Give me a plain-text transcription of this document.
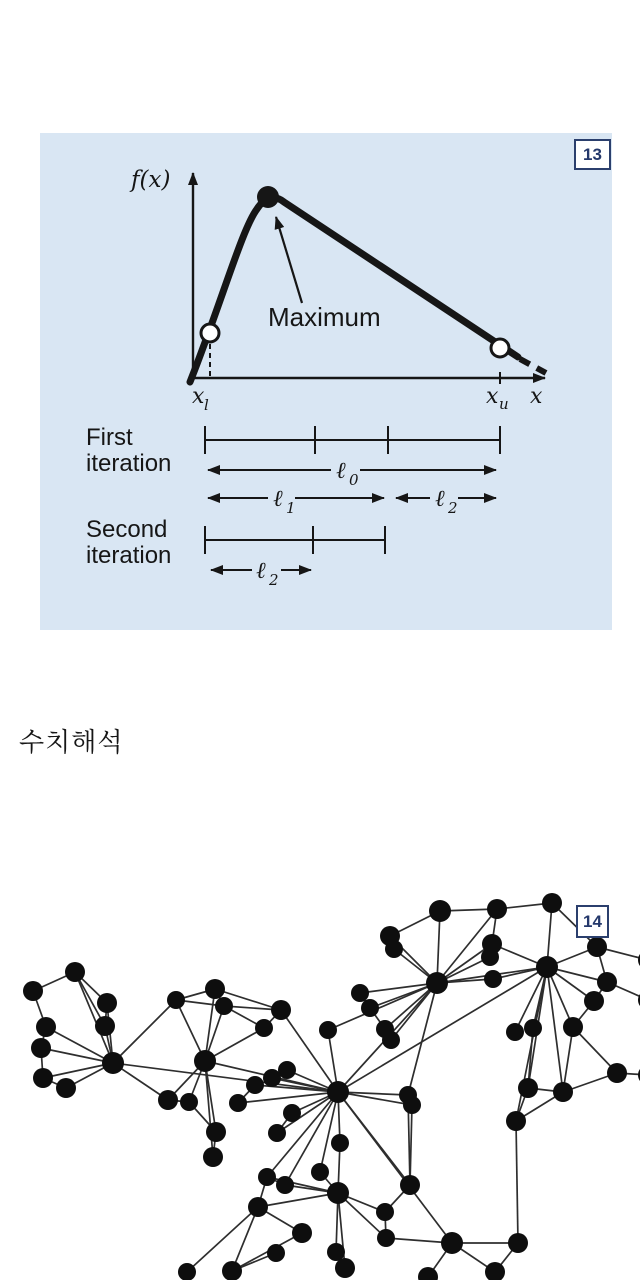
Maximum
f(x)
x l	x u x
First
iteration	ℓ 0
ℓ 1	ℓ 2
Second
iteration
ℓ 2
13
수치해석
14
